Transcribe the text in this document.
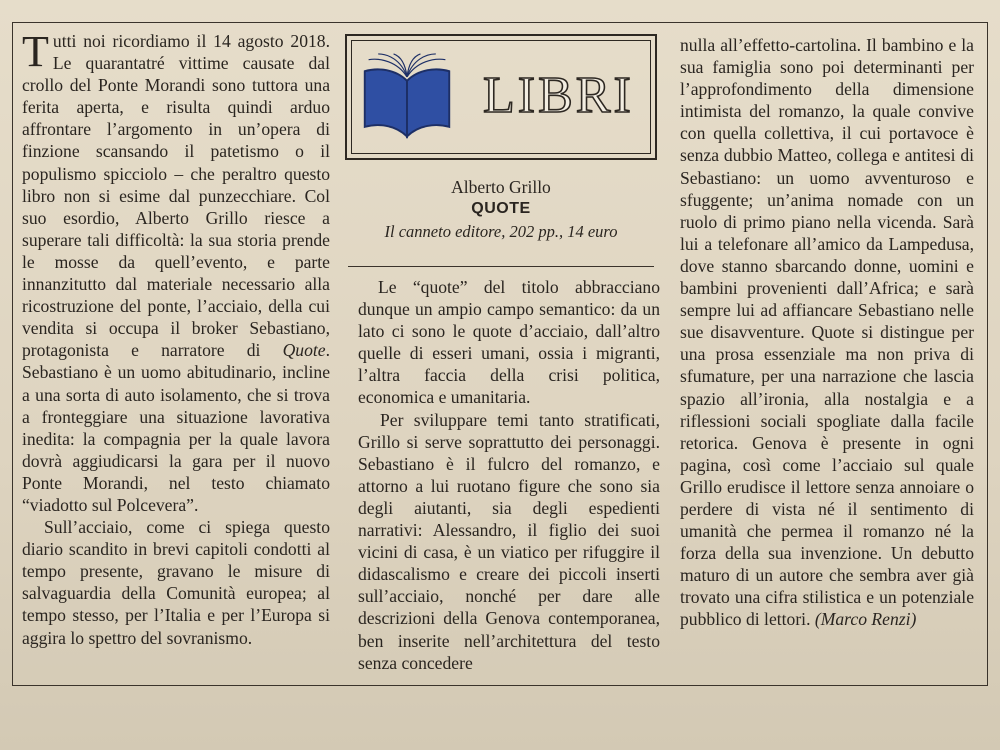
Tutti noi ricordiamo il 14 agosto 2018. Le quarantatré vittime causate dal crollo del Ponte Morandi sono tuttora una ferita aperta, e risulta quindi arduo affrontare l’argomento in un’opera di finzione scansando il patetismo o il populismo spicciolo – che peraltro questo libro non si esime dal punzecchiare. Col suo esordio, Alberto Grillo riesce a superare tali difficoltà: la sua storia prende le mosse da quell’evento, e parte innanzitutto dal materiale necessario alla ricostruzione del ponte, l’acciaio, della cui vendita si occupa il broker Sebastiano, protagonista e narratore di Quote. Sebastiano è un uomo abitudinario, incline a una sorta di auto isolamento, che si trova a fronteggiare una situazione lavorativa inedita: la compagnia per la quale lavora dovrà aggiudicarsi la gara per il nuovo Ponte Morandi, nel testo chiamato “viadotto sul Polcevera”.

Sull’acciaio, come ci spiega questo diario scandito in brevi capitoli condotti al tempo presente, gravano le misure di salvaguardia della Comunità europea; al tempo stesso, per l’Italia e per l’Europa si aggira lo spettro del sovranismo.

LIBRI
Alberto Grillo
QUOTE
Il canneto editore, 202 pp., 14 euro

Le “quote” del titolo abbracciano dunque un ampio campo semantico: da un lato ci sono le quote d’acciaio, dall’altro quelle di esseri umani, ossia i migranti, l’altra faccia della crisi politica, economica e umanitaria.

Per sviluppare temi tanto stratificati, Grillo si serve soprattutto dei personaggi. Sebastiano è il fulcro del romanzo, e attorno a lui ruotano figure che sono sia degli aiutanti, sia degli espedienti narrativi: Alessandro, il figlio dei suoi vicini di casa, è un viatico per rifuggire il didascalismo e creare dei piccoli inserti sull’acciaio, nonché per dare alle descrizioni della Genova contemporanea, ben inserite nell’architettura del testo senza concedere

nulla all’effetto-cartolina. Il bambino e la sua famiglia sono poi determinanti per l’approfondimento della dimensione intimista del romanzo, la quale convive con quella collettiva, il cui portavoce è senza dubbio Matteo, collega e antitesi di Sebastiano: un uomo avventuroso e sfuggente; un’anima nomade con un ruolo di primo piano nella vicenda. Sarà lui a telefonare all’amico da Lampedusa, dove stanno sbarcando donne, uomini e bambini provenienti dall’Africa; e sarà sempre lui ad affiancare Sebastiano nelle sue disavventure. Quote si distingue per una prosa essenziale ma non priva di sfumature, per una narrazione che lascia spazio all’ironia, alla nostalgia e a riflessioni sociali spogliate dalla facile retorica. Genova è presente in ogni pagina, così come l’acciaio sul quale Grillo erudisce il lettore senza annoiare o perdere di vista né il sentimento di umanità che permea il romanzo né la forza della sua invenzione. Un debutto maturo di un autore che sembra aver già trovato una cifra stilistica e un potenziale pubblico di lettori. (Marco Renzi)
